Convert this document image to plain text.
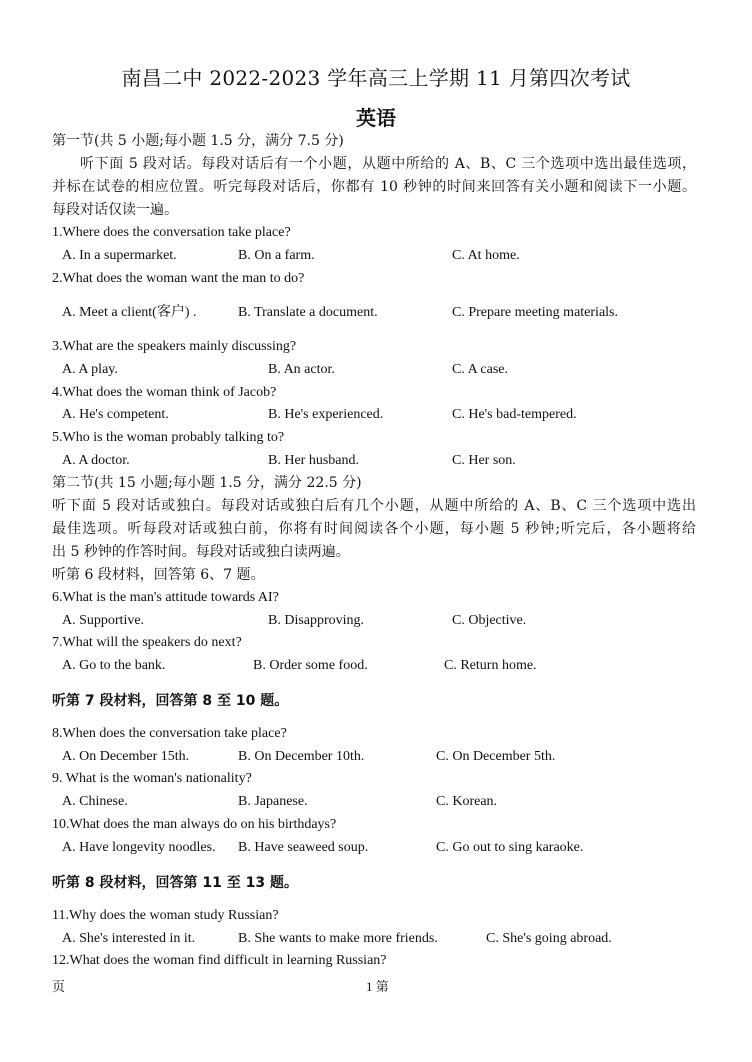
南昌二中 2022-2023 学年高三上学期 11 月第四次考试
英语
第一节(共 5 小题;每小题 1.5 分，满分 7.5 分)
听下面 5 段对话。每段对话后有一个小题，从题中所给的 A、B、C 三个选项中选出最佳选项，
并标在试卷的相应位置。听完每段对话后，你都有 10 秒钟的时间来回答有关小题和阅读下一小题。
每段对话仅读一遍。
1.Where does the conversation take place?
A. In a supermarket.	B. On a farm.	C. At home.
2.What does the woman want the man to do?
A. Meet a client(客户) .	B. Translate a document.	C. Prepare meeting materials.
3.What are the speakers mainly discussing?
A. A play.	B. An actor.	C. A case.
4.What does the woman think of Jacob?
A. He's competent.	B. He's experienced.	C. He's bad-tempered.
5.Who is the woman probably talking to?
A. A doctor.	B. Her husband.	C. Her son.
第二节(共 15 小题;每小题 1.5 分，满分 22.5 分)
听下面 5 段对话或独白。每段对话或独白后有几个小题，从题中所给的 A、B、C 三个选项中选出
最佳选项。听每段对话或独白前，你将有时间阅读各个小题，每小题 5 秒钟;听完后，各小题将给
出 5 秒钟的作答时间。每段对话或独白读两遍。
听第 6 段材料，回答第 6、7 题。
6.What is the man's attitude towards AI?
A. Supportive.	B. Disapproving.	C. Objective.
7.What will the speakers do next?
A. Go to the bank.	B. Order some food.	C. Return home.
听第 7 段材料，回答第 8 至 10 题。
8.When does the conversation take place?
A. On December 15th.	B. On December 10th.	C. On December 5th.
9. What is the woman's nationality?
A. Chinese.	B. Japanese.	C. Korean.
10.What does the man always do on his birthdays?
A. Have longevity noodles. B. Have seaweed soup.	C. Go out to sing karaoke.
听第 8 段材料，回答第 11 至 13 题。
11.Why does the woman study Russian?
A. She's interested in it.	B. She wants to make more friends.	C. She's going abroad.
12.What does the woman find difficult in learning Russian?
页	1 第
